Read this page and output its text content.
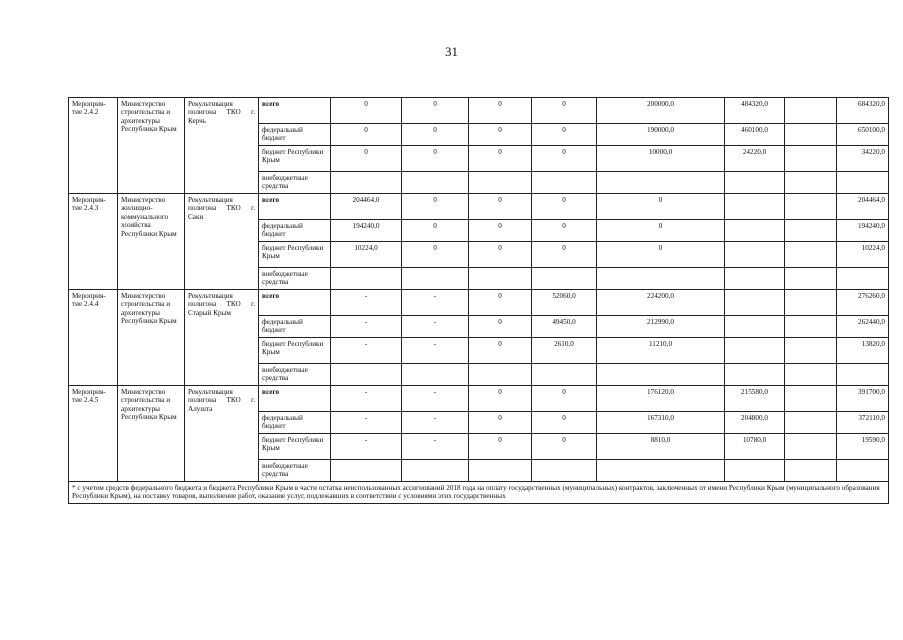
31
Мероприя-тие 2.4.2	Министерство строительства и архитектуры Республики Крым	Рекультивация полигона ТКО г. Керчь	всего	0	0	0	0	200000,0	484320,0		684320,0
			федеральный бюджет	0	0	0	0	190000,0	460100,0		650100,0
			бюджет Республики Крым	0	0	0	0	10000,0	24220,0		34220,0
			внебюджетные средства								
Мероприя-тие 2.4.3	Министерство жилищно-коммунального хозяйства Республики Крым	Рекультивация полигона ТКО г. Саки	всего	204464,0	0	0	0	0			204464,0
			федеральный бюджет	194240,0	0	0	0	0			194240,0
			бюджет Республики Крым	10224,0	0	0	0	0			10224,0
			внебюджетные средства								
Мероприя-тие 2.4.4	Министерство строительства и архитектуры Республики Крым	Рекультивация полигона ТКО г. Старый Крым	всего	-	-	0	52060,0	224200,0			276260,0
			федеральный бюджет	-	-	0	49450,0	212990,0			262440,0
			бюджет Республики Крым	-	-	0	2610,0	11210,0			13820,0
			внебюджетные средства								
Мероприя-тие 2.4.5	Министерство строительства и архитектуры Республики Крым	Рекультивация полигона ТКО г. Алушта	всего	-	-	0	0	176120,0	215580,0		391700,0
			федеральный бюджет	-	-	0	0	167310,0	204800,0		372110,0
			бюджет Республики Крым	-	-	0	0	8810,0	10780,0		19590,0
			внебюджетные средства								
* с учетом средств федерального бюджета и бюджета Республики Крым в части остатка неиспользованных ассигнований 2018 года на оплату государственных (муниципальных) контрактов, заключенных от имени Республики Крым (муниципального образования Республики Крым), на поставку товаров, выполнение работ, оказание услуг, подлежавших в соответствии с условиями этих государственных											
